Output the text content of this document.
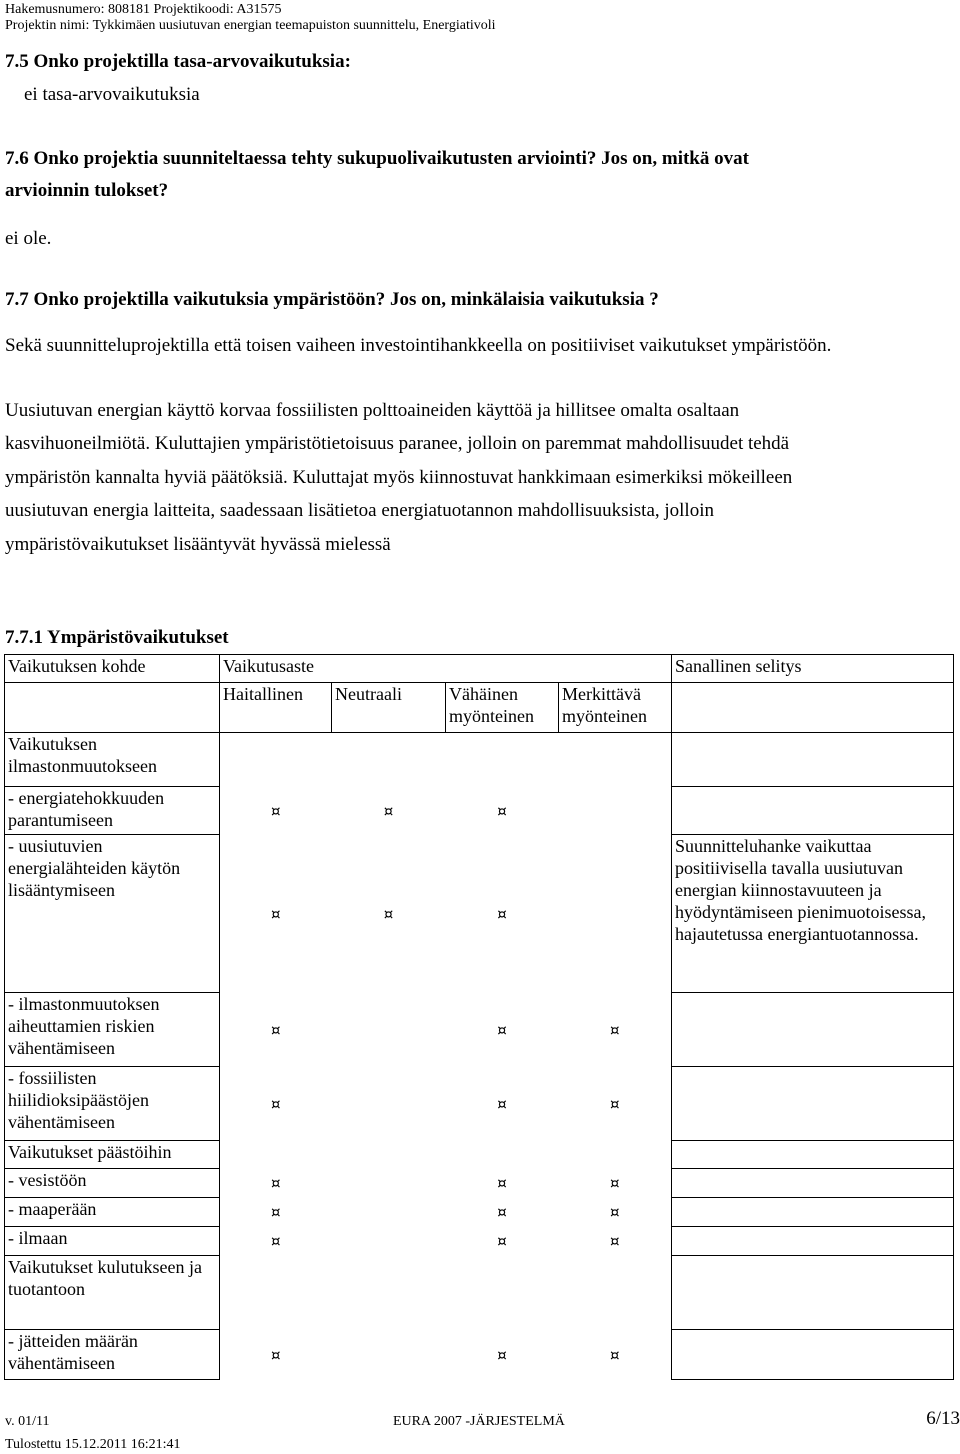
Hakemusnumero: 808181 Projektikoodi: A31575
Projektin nimi: Tykkimäen uusiutuvan energian teemapuiston suunnittelu, Energiativoli
7.5 Onko projektilla tasa-arvovaikutuksia:
ei tasa-arvovaikutuksia
7.6 Onko projektia suunniteltaessa tehty sukupuolivaikutusten arviointi? Jos on, mitkä ovat
arvioinnin tulokset?
ei ole.
7.7 Onko projektilla vaikutuksia ympäristöön? Jos on, minkälaisia vaikutuksia ?
Sekä suunnitteluprojektilla että toisen vaiheen investointihankkeella on positiiviset vaikutukset ympäristöön.
Uusiutuvan energian käyttö korvaa fossiilisten polttoaineiden käyttöä ja hillitsee omalta osaltaan
kasvihuoneilmiötä. Kuluttajien ympäristötietoisuus paranee, jolloin on paremmat mahdollisuudet tehdä
ympäristön kannalta hyviä päätöksiä. Kuluttajat myös kiinnostuvat hankkimaan esimerkiksi mökeilleen
uusiutuvan energia laitteita, saadessaan lisätietoa energiatuotannon mahdollisuuksista, jolloin
ympäristövaikutukset lisääntyvät hyvässä mielessä
7.7.1 Ympäristövaikutukset
Vaikutuksen kohde	Vaikutusaste				Sanallinen selitys
	Haitallinen	Neutraali	Vähäinen myönteinen	Merkittävä myönteinen	
Vaikutuksen ilmastonmuutokseen					
- energiatehokkuuden parantumiseen	¤	¤	¤		
- uusiutuvien energialähteiden käytön lisääntymiseen	¤	¤	¤		Suunnitteluhanke vaikuttaa positiivisella tavalla uusiutuvan energian kiinnostavuuteen ja hyödyntämiseen pienimuotoisessa, hajautetussa energiantuotannossa.
- ilmastonmuutoksen aiheuttamien riskien vähentämiseen	¤		¤	¤	
- fossiilisten hiilidioksipäästöjen vähentämiseen	¤		¤	¤	
Vaikutukset päästöihin					
- vesistöön	¤		¤	¤	
- maaperään	¤		¤	¤	
- ilmaan	¤		¤	¤	
Vaikutukset kulutukseen ja tuotantoon					
- jätteiden määrän vähentämiseen	¤		¤	¤	
v. 01/11	EURA 2007 -JÄRJESTELMÄ	6/13
Tulostettu 15.12.2011 16:21:41
